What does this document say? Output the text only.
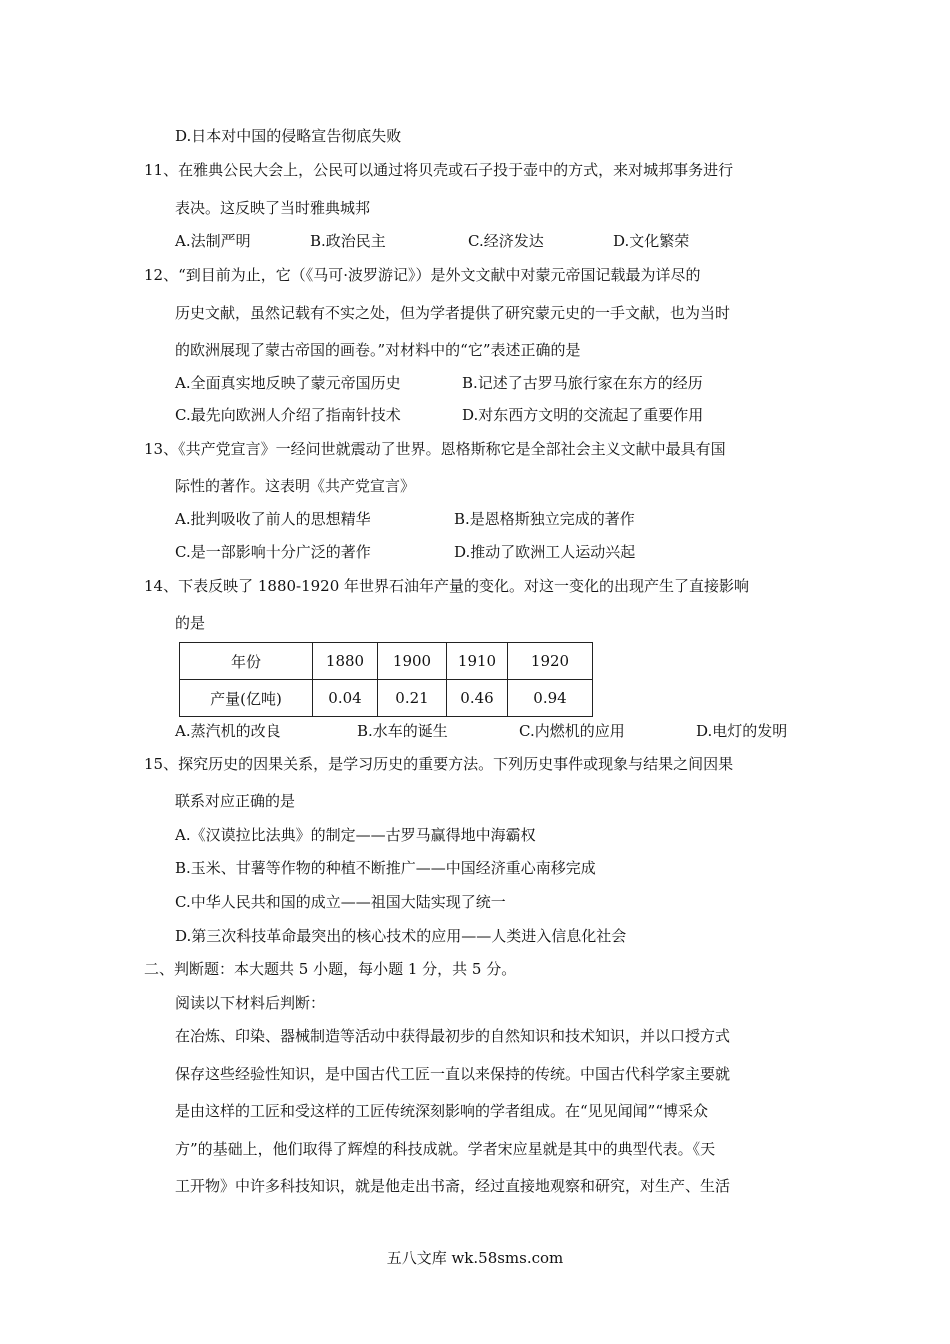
D.日本对中国的侵略宣告彻底失败
11、在雅典公民大会上，公民可以通过将贝壳或石子投于壶中的方式，来对城邦事务进行
表决。这反映了当时雅典城邦
A.法制严明	B.政治民主	C.经济发达	D.文化繁荣
12、“到目前为止，它（《马可·波罗游记》）是外文文献中对蒙元帝国记载最为详尽的
历史文献，虽然记载有不实之处，但为学者提供了研究蒙元史的一手文献，也为当时
的欧洲展现了蒙古帝国的画卷。”对材料中的“它”表述正确的是
A.全面真实地反映了蒙元帝国历史	B.记述了古罗马旅行家在东方的经历
C.最先向欧洲人介绍了指南针技术	D.对东西方文明的交流起了重要作用
13、《共产党宣言》一经问世就震动了世界。恩格斯称它是全部社会主义文献中最具有国
际性的著作。这表明《共产党宣言》
A.批判吸收了前人的思想精华	B.是恩格斯独立完成的著作
C.是一部影响十分广泛的著作	D.推动了欧洲工人运动兴起
14、下表反映了 1880-1920 年世界石油年产量的变化。对这一变化的出现产生了直接影响
的是
年份	1880	1900	1910	1920
产量(亿吨)	0.04	0.21	0.46	0.94
A.蒸汽机的改良	B.水车的诞生	C.内燃机的应用	D.电灯的发明
15、探究历史的因果关系，是学习历史的重要方法。下列历史事件或现象与结果之间因果
联系对应正确的是
A.《汉谟拉比法典》的制定——古罗马赢得地中海霸权
B.玉米、甘薯等作物的种植不断推广——中国经济重心南移完成
C.中华人民共和国的成立——祖国大陆实现了统一
D.第三次科技革命最突出的核心技术的应用——人类进入信息化社会
二、判断题：本大题共 5 小题，每小题 1 分，共 5 分。
阅读以下材料后判断：
在冶炼、印染、器械制造等活动中获得最初步的自然知识和技术知识，并以口授方式
保存这些经验性知识，是中国古代工匠一直以来保持的传统。中国古代科学家主要就
是由这样的工匠和受这样的工匠传统深刻影响的学者组成。在“见见闻闻”“博采众
方”的基础上，他们取得了辉煌的科技成就。学者宋应星就是其中的典型代表。《天
工开物》中许多科技知识，就是他走出书斋，经过直接地观察和研究，对生产、生活
五八文库 wk.58sms.com
